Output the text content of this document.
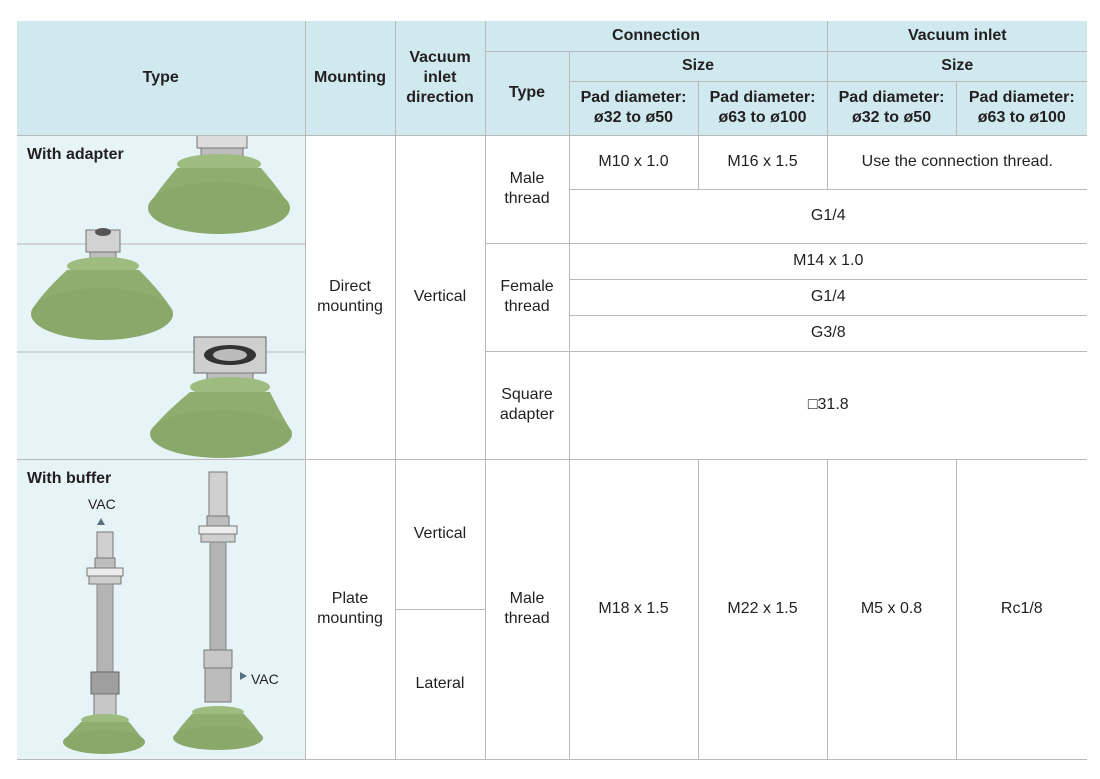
Type	Mounting	Vacuum inlet direction	Connection			Vacuum inlet	
			Type	Size		Size	
				Pad diameter: ø32 to ø50	Pad diameter: ø63 to ø100	Pad diameter: ø32 to ø50	Pad diameter: ø63 to ø100

With adapter	Direct mounting	Vertical	Male thread	M10 x 1.0	M16 x 1.5	Use the connection thread.	
				G1/4			
			Female thread	M14 x 1.0			
				G1/4			
				G3/8			
			Square adapter	□31.8			

With buffer
VAC
VAC	Plate mounting	Vertical	Male thread	M18 x 1.5	M22 x 1.5	M5 x 0.8	Rc1/8
		Lateral					
